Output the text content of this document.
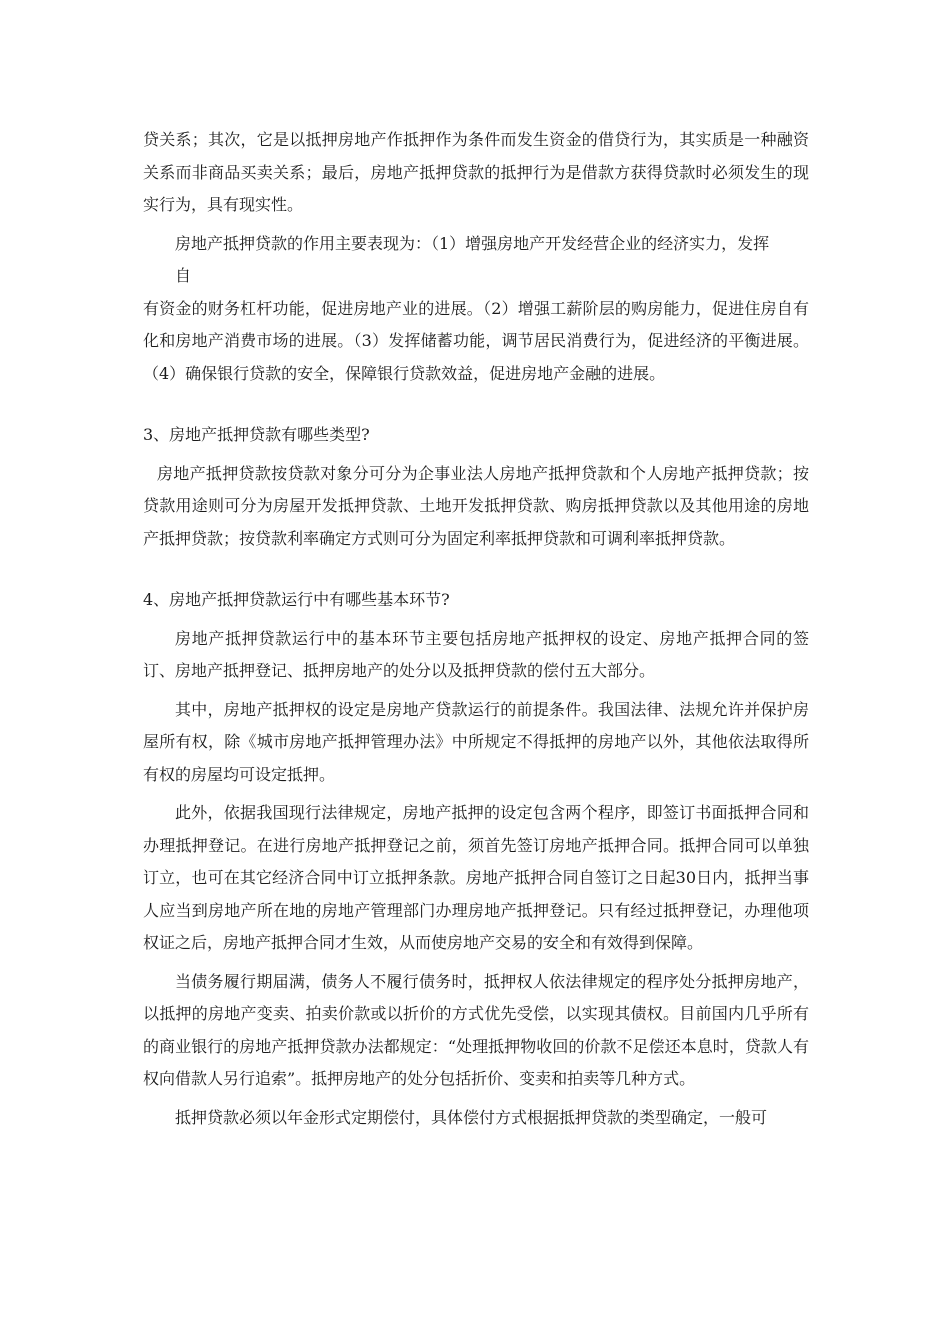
贷关系；其次，它是以抵押房地产作抵押作为条件而发生资金的借贷行为，其实质是一种融资关系而非商品买卖关系；最后，房地产抵押贷款的抵押行为是借款方获得贷款时必须发生的现实行为，具有现实性。

房地产抵押贷款的作用主要表现为：（1）增强房地产开发经营企业的经济实力，发挥

自

有资金的财务杠杆功能，促进房地产业的进展。（2）增强工薪阶层的购房能力，促进住房自有化和房地产消费市场的进展。（3）发挥储蓄功能，调节居民消费行为，促进经济的平衡进展。（4）确保银行贷款的安全，保障银行贷款效益，促进房地产金融的进展。

3、房地产抵押贷款有哪些类型?

房地产抵押贷款按贷款对象分可分为企事业法人房地产抵押贷款和个人房地产抵押贷款；按贷款用途则可分为房屋开发抵押贷款、土地开发抵押贷款、购房抵押贷款以及其他用途的房地产抵押贷款；按贷款利率确定方式则可分为固定利率抵押贷款和可调利率抵押贷款。

4、房地产抵押贷款运行中有哪些基本环节?

房地产抵押贷款运行中的基本环节主要包括房地产抵押权的设定、房地产抵押合同的签订、房地产抵押登记、抵押房地产的处分以及抵押贷款的偿付五大部分。

其中，房地产抵押权的设定是房地产贷款运行的前提条件。我国法律、法规允许并保护房屋所有权，除《城市房地产抵押管理办法》中所规定不得抵押的房地产以外，其他依法取得所有权的房屋均可设定抵押。

此外，依据我国现行法律规定，房地产抵押的设定包含两个程序，即签订书面抵押合同和办理抵押登记。在进行房地产抵押登记之前，须首先签订房地产抵押合同。抵押合同可以单独订立，也可在其它经济合同中订立抵押条款。房地产抵押合同自签订之日起30日内，抵押当事人应当到房地产所在地的房地产管理部门办理房地产抵押登记。只有经过抵押登记，办理他项权证之后，房地产抵押合同才生效，从而使房地产交易的安全和有效得到保障。

当债务履行期届满，债务人不履行债务时，抵押权人依法律规定的程序处分抵押房地产，以抵押的房地产变卖、拍卖价款或以折价的方式优先受偿，以实现其债权。目前国内几乎所有的商业银行的房地产抵押贷款办法都规定：“处理抵押物收回的价款不足偿还本息时，贷款人有权向借款人另行追索”。抵押房地产的处分包括折价、变卖和拍卖等几种方式。

抵押贷款必须以年金形式定期偿付，具体偿付方式根据抵押贷款的类型确定，一般可
